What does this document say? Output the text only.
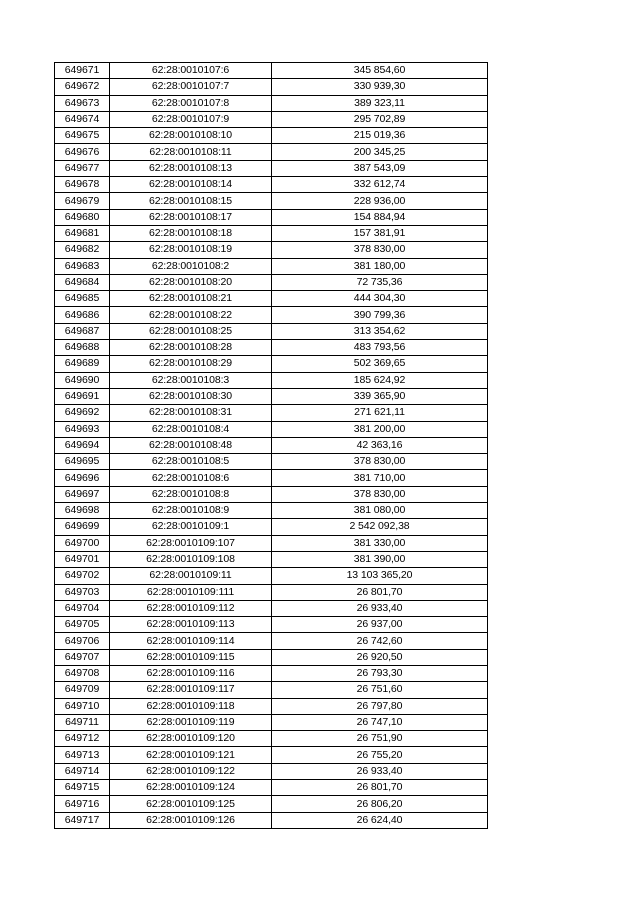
649671	62:28:0010107:6	345 854,60
649672	62:28:0010107:7	330 939,30
649673	62:28:0010107:8	389 323,11
649674	62:28:0010107:9	295 702,89
649675	62:28:0010108:10	215 019,36
649676	62:28:0010108:11	200 345,25
649677	62:28:0010108:13	387 543,09
649678	62:28:0010108:14	332 612,74
649679	62:28:0010108:15	228 936,00
649680	62:28:0010108:17	154 884,94
649681	62:28:0010108:18	157 381,91
649682	62:28:0010108:19	378 830,00
649683	62:28:0010108:2	381 180,00
649684	62:28:0010108:20	72 735,36
649685	62:28:0010108:21	444 304,30
649686	62:28:0010108:22	390 799,36
649687	62:28:0010108:25	313 354,62
649688	62:28:0010108:28	483 793,56
649689	62:28:0010108:29	502 369,65
649690	62:28:0010108:3	185 624,92
649691	62:28:0010108:30	339 365,90
649692	62:28:0010108:31	271 621,11
649693	62:28:0010108:4	381 200,00
649694	62:28:0010108:48	42 363,16
649695	62:28:0010108:5	378 830,00
649696	62:28:0010108:6	381 710,00
649697	62:28:0010108:8	378 830,00
649698	62:28:0010108:9	381 080,00
649699	62:28:0010109:1	2 542 092,38
649700	62:28:0010109:107	381 330,00
649701	62:28:0010109:108	381 390,00
649702	62:28:0010109:11	13 103 365,20
649703	62:28:0010109:111	26 801,70
649704	62:28:0010109:112	26 933,40
649705	62:28:0010109:113	26 937,00
649706	62:28:0010109:114	26 742,60
649707	62:28:0010109:115	26 920,50
649708	62:28:0010109:116	26 793,30
649709	62:28:0010109:117	26 751,60
649710	62:28:0010109:118	26 797,80
649711	62:28:0010109:119	26 747,10
649712	62:28:0010109:120	26 751,90
649713	62:28:0010109:121	26 755,20
649714	62:28:0010109:122	26 933,40
649715	62:28:0010109:124	26 801,70
649716	62:28:0010109:125	26 806,20
649717	62:28:0010109:126	26 624,40
